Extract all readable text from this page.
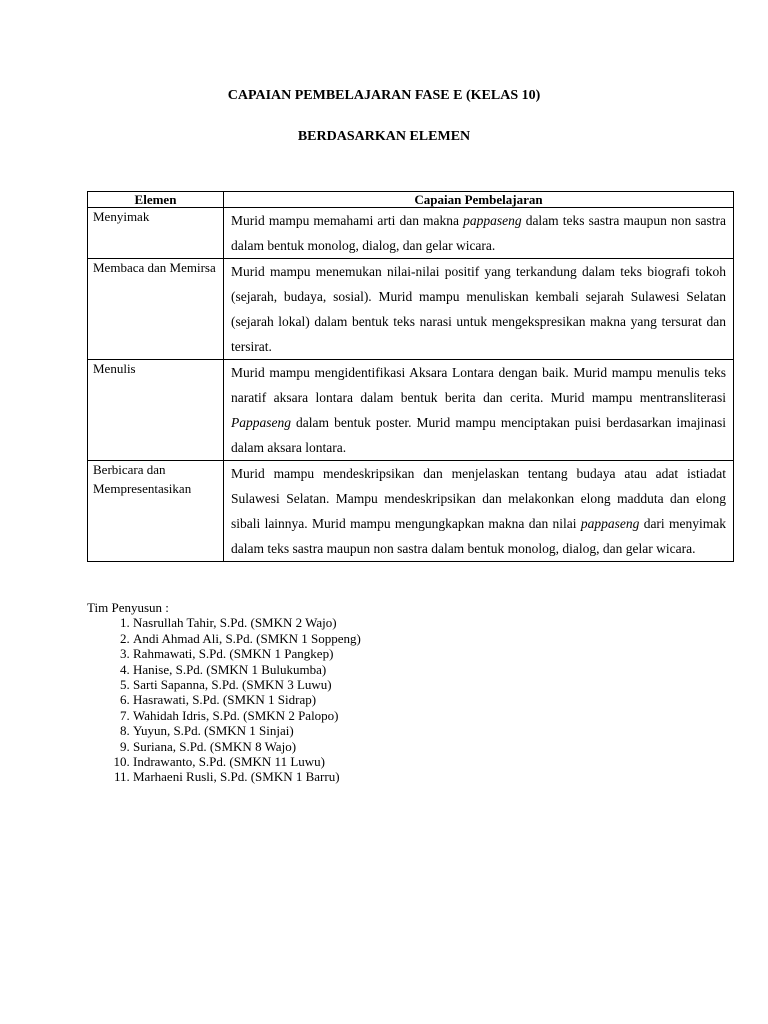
CAPAIAN PEMBELAJARAN FASE E (KELAS 10)
BERDASARKAN ELEMEN
Elemen	Capaian Pembelajaran
Menyimak	Murid mampu memahami arti dan makna pappaseng dalam teks sastra maupun non sastra dalam bentuk monolog, dialog, dan gelar wicara.
Membaca dan Memirsa	Murid mampu menemukan nilai-nilai positif yang terkandung dalam teks biografi tokoh (sejarah, budaya, sosial). Murid mampu menuliskan kembali sejarah Sulawesi Selatan (sejarah lokal) dalam bentuk teks narasi untuk mengekspresikan makna yang tersurat dan tersirat.
Menulis	Murid mampu mengidentifikasi Aksara Lontara dengan baik. Murid mampu menulis teks naratif aksara lontara dalam bentuk berita dan cerita. Murid mampu mentransliterasi Pappaseng dalam bentuk poster. Murid mampu menciptakan puisi berdasarkan imajinasi dalam aksara lontara.
Berbicara dan Mempresentasikan	Murid mampu mendeskripsikan dan menjelaskan tentang budaya atau adat istiadat Sulawesi Selatan. Mampu mendeskripsikan dan melakonkan elong madduta dan elong sibali lainnya. Murid mampu mengungkapkan makna dan nilai pappaseng dari menyimak dalam teks sastra maupun non sastra dalam bentuk monolog, dialog, dan gelar wicara.
Tim Penyusun :
1. Nasrullah Tahir, S.Pd. (SMKN 2 Wajo)
2. Andi Ahmad Ali, S.Pd. (SMKN 1 Soppeng)
3. Rahmawati, S.Pd. (SMKN 1 Pangkep)
4. Hanise, S.Pd. (SMKN 1 Bulukumba)
5. Sarti Sapanna, S.Pd. (SMKN 3 Luwu)
6. Hasrawati, S.Pd. (SMKN 1 Sidrap)
7. Wahidah Idris, S.Pd. (SMKN 2 Palopo)
8. Yuyun, S.Pd. (SMKN 1 Sinjai)
9. Suriana, S.Pd. (SMKN 8 Wajo)
10. Indrawanto, S.Pd. (SMKN 11 Luwu)
11. Marhaeni Rusli, S.Pd. (SMKN 1 Barru)
